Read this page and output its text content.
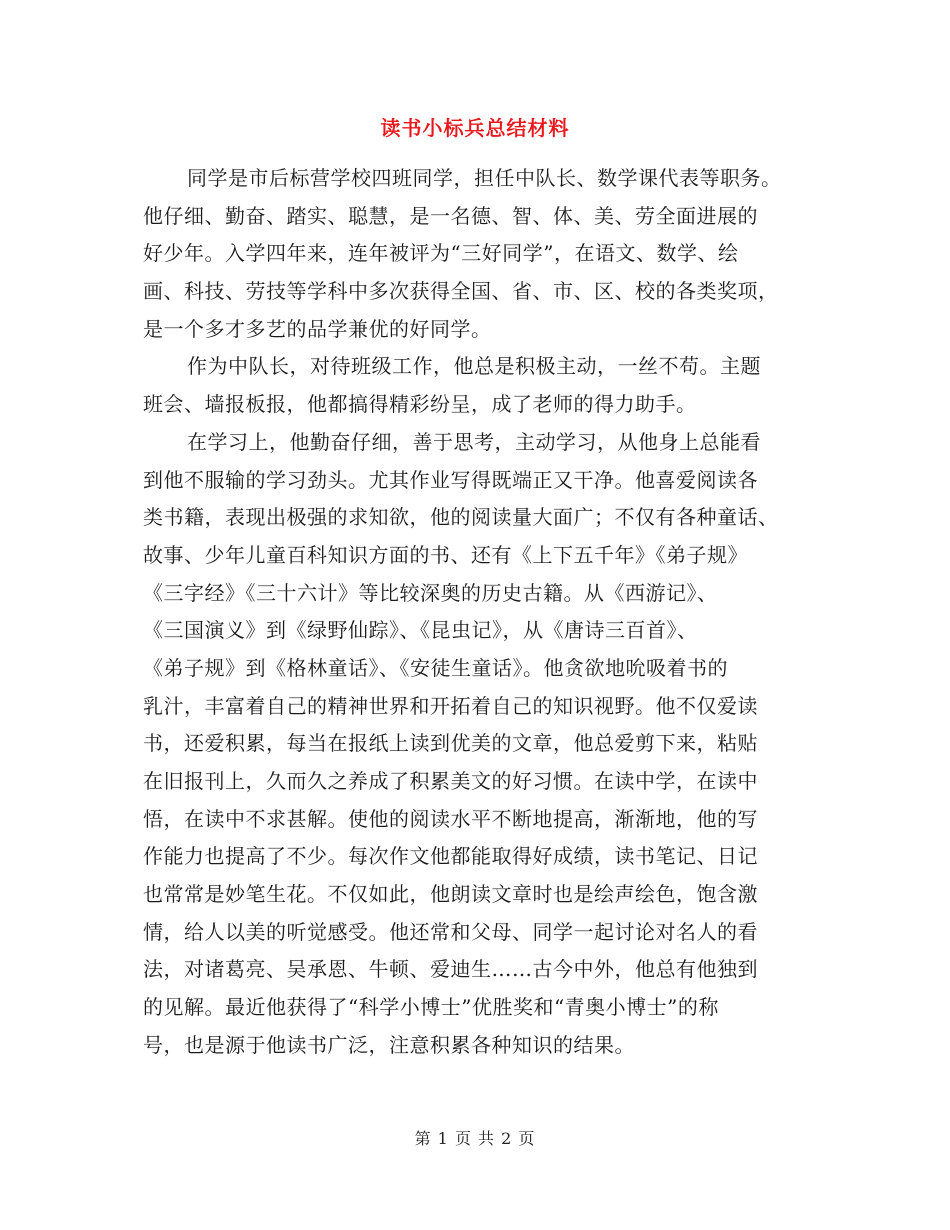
读书小标兵总结材料
同学是市后标营学校四班同学，担任中队长、数学课代表等职务。
他仔细、勤奋、踏实、聪慧，是一名德、智、体、美、劳全面进展的
好少年。入学四年来，连年被评为“三好同学”，在语文、数学、绘
画、科技、劳技等学科中多次获得全国、省、市、区、校的各类奖项，
是一个多才多艺的品学兼优的好同学。
作为中队长，对待班级工作，他总是积极主动，一丝不苟。主题
班会、墙报板报，他都搞得精彩纷呈，成了老师的得力助手。
在学习上，他勤奋仔细，善于思考，主动学习，从他身上总能看
到他不服输的学习劲头。尤其作业写得既端正又干净。他喜爱阅读各
类书籍，表现出极强的求知欲，他的阅读量大面广；不仅有各种童话、
故事、少年儿童百科知识方面的书、还有《上下五千年》《弟子规》
《三字经》《三十六计》等比较深奥的历史古籍。从《西游记》、
《三国演义》到《绿野仙踪》、《昆虫记》，从《唐诗三百首》、
《弟子规》到《格林童话》、《安徒生童话》。他贪欲地吮吸着书的
乳汁，丰富着自己的精神世界和开拓着自己的知识视野。他不仅爱读
书，还爱积累，每当在报纸上读到优美的文章，他总爱剪下来，粘贴
在旧报刊上，久而久之养成了积累美文的好习惯。在读中学，在读中
悟，在读中不求甚解。使他的阅读水平不断地提高，渐渐地，他的写
作能力也提高了不少。每次作文他都能取得好成绩，读书笔记、日记
也常常是妙笔生花。不仅如此，他朗读文章时也是绘声绘色，饱含激
情，给人以美的听觉感受。他还常和父母、同学一起讨论对名人的看
法，对诸葛亮、吴承恩、牛顿、爱迪生……古今中外，他总有他独到
的见解。最近他获得了“科学小博士”优胜奖和“青奥小博士”的称
号，也是源于他读书广泛，注意积累各种知识的结果。
第 1 页 共 2 页
